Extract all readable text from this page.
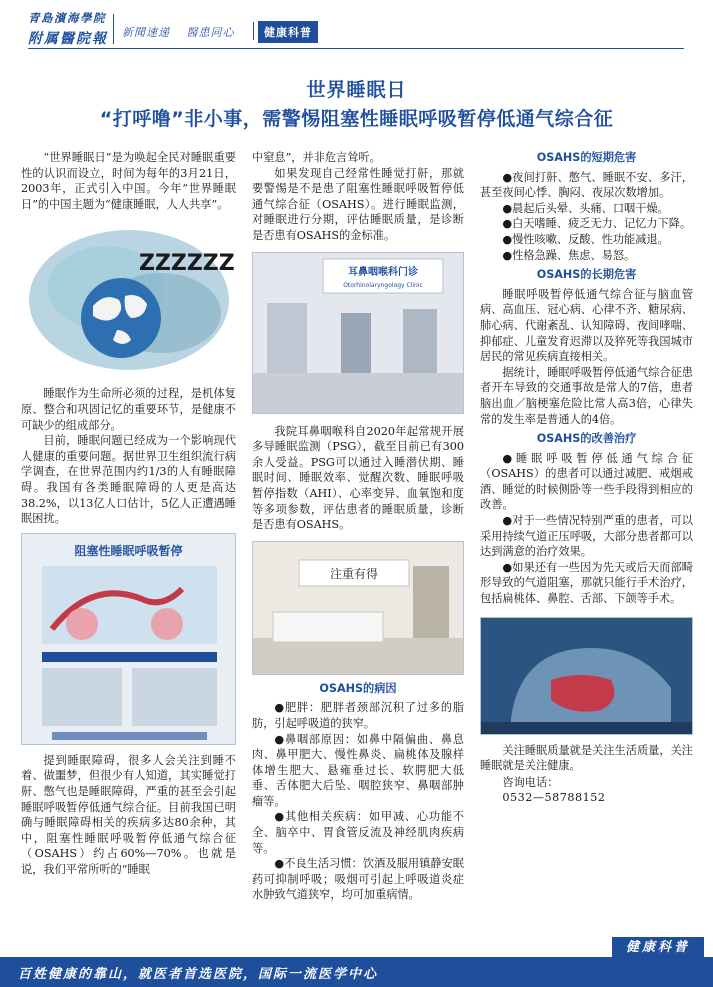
青島濱海學院
附属醫院報	新聞速递 醫患同心	健康科普
世界睡眠日
“打呼噜”非小事，需警惕阻塞性睡眠呼吸暂停低通气综合征

“世界睡眠日”是为唤起全民对睡眠重要性的认识而设立，时间为每年的3月21日，2003年，正式引入中国。今年“世界睡眠日”的中国主题为“健康睡眠，人人共享”。

ZZZZZZ

睡眠作为生命所必须的过程，是机体复原、整合和巩固记忆的重要环节，是健康不可缺少的组成部分。

目前，睡眠问题已经成为一个影响现代人健康的重要问题。据世界卫生组织流行病学调查，在世界范围内约1/3的人有睡眠障碍。我国有各类睡眠障碍的人更是高达38.2%，以13亿人口估计，5亿人正遭遇睡眠困扰。

阻塞性睡眠呼吸暂停

提到睡眠障碍，很多人会关注到睡不着、做噩梦，但很少有人知道，其实睡觉打鼾、憋气也是睡眠障碍，严重的甚至会引起睡眠呼吸暂停低通气综合征。目前我国已明确与睡眠障碍相关的疾病多达80余种，其中，阻塞性睡眠呼吸暂停低通气综合征（OSAHS）约占60%—70%。也就是说，我们平常所听的“睡眠

中窒息”，并非危言耸听。

如果发现自己经常性睡觉打鼾，那就要警惕是不是患了阻塞性睡眠呼吸暂停低通气综合征（OSAHS）。进行睡眠监测，对睡眠进行分期，评估睡眠质量，是诊断是否患有OSAHS的金标准。

耳鼻咽喉科门诊
Otorhinolaryngology Clinic

我院耳鼻咽喉科自2020年起常规开展多导睡眠监测（PSG），截至目前已有300余人受益。PSG可以通过入睡潜伏期、睡眠时间、睡眠效率、觉醒次数、睡眠呼吸暂停指数（AHI）、心率变异、血氧饱和度等多项参数，评估患者的睡眠质量，诊断是否患有OSAHS。

注重有得
OSAHS的病因

●肥胖：肥胖者颈部沉积了过多的脂肪，引起呼吸道的狭窄。

●鼻咽部原因：如鼻中隔偏曲、鼻息肉、鼻甲肥大、慢性鼻炎、扁桃体及腺样体增生肥大、悬雍垂过长、软腭肥大低垂、舌体肥大后坠、咽腔狭窄、鼻咽部肿瘤等。

●其他相关疾病：如甲减、心功能不全、脑卒中、胃食管反流及神经肌肉疾病等。

●不良生活习惯：饮酒及服用镇静安眠药可抑制呼吸；吸烟可引起上呼吸道炎症水肿致气道狭窄，均可加重病情。

OSAHS的短期危害

●夜间打鼾、憋气、睡眠不安、多汗，甚至夜间心悸、胸闷、夜尿次数增加。

●晨起后头晕、头痛、口咽干燥。

●白天嗜睡、疲乏无力、记忆力下降。

●慢性咳嗽、反酸、性功能减退。

●性格急躁、焦虑、易怒。

OSAHS的长期危害

睡眠呼吸暂停低通气综合征与脑血管病、高血压、冠心病、心律不齐、糖尿病、肺心病、代谢紊乱、认知障碍、夜间哮喘、抑郁症、儿童发育迟滞以及猝死等我国城市居民的常见疾病直接相关。

据统计，睡眠呼吸暂停低通气综合征患者开车导致的交通事故是常人的7倍，患者脑出血／脑梗塞危险比常人高3倍，心律失常的发生率是普通人的4倍。

OSAHS的改善治疗

●睡眠呼吸暂停低通气综合征（OSAHS）的患者可以通过减肥、戒烟戒酒、睡觉的时候侧卧等一些手段得到相应的改善。

●对于一些情况特别严重的患者，可以采用持续气道正压呼吸，大部分患者都可以达到满意的治疗效果。

●如果还有一些因为先天或后天而部畸形导致的气道阻塞，那就只能行手术治疗，包括扁桃体、鼻腔、舌部、下颌等手术。

关注睡眠质量就是关注生活质量，关注睡眠就是关注健康。

咨询电话：
0532—58788152
健康科普
百姓健康的靠山，就医者首选医院，国际一流医学中心
